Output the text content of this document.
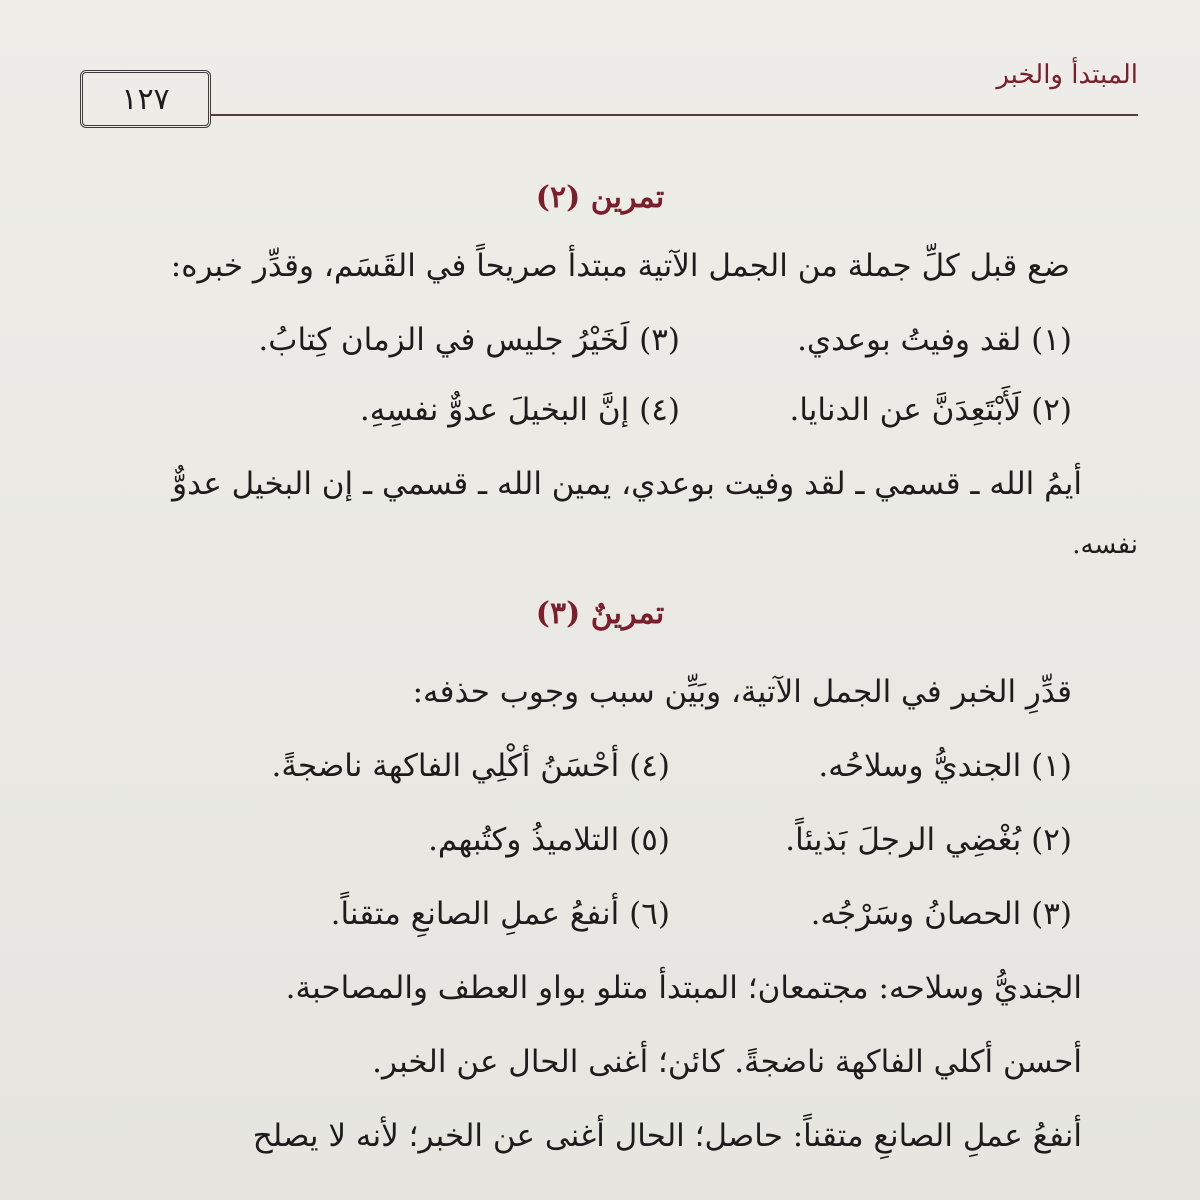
المبتدأ والخبر
١٢٧
تمرين (٢)
ضع قبل كلِّ جملة من الجمل الآتية مبتدأ صريحاً في القَسَم، وقدِّر خبره:
(١) لقد وفيتُ بوعدي.
(٣) لَخَيْرُ جليس في الزمان كِتابُ.
(٢) لَأَبْتَعِدَنَّ عن الدنايا.
(٤) إنَّ البخيلَ عدوٌّ نفسِهِ.
أيمُ الله ـ قسمي ـ لقد وفيت بوعدي، يمين الله ـ قسمي ـ إن البخيل عدوٌّ
نفسه.
تمرينٌ (٣)
قدِّرِ الخبر في الجمل الآتية، وبَيِّن سبب وجوب حذفه:
(١) الجنديُّ وسلاحُه.
(٤) أحْسَنُ أكْلِي الفاكهة ناضجةً.
(٢) بُغْضِي الرجلَ بَذيئاً.
(٥) التلاميذُ وكتُبهم.
(٣) الحصانُ وسَرْجُه.
(٦) أنفعُ عملِ الصانعِ متقناً.
الجنديُّ وسلاحه: مجتمعان؛ المبتدأ متلو بواو العطف والمصاحبة.
أحسن أكلي الفاكهة ناضجةً. كائن؛ أغنى الحال عن الخبر.
أنفعُ عملِ الصانعِ متقناً: حاصل؛ الحال أغنى عن الخبر؛ لأنه لا يصلح
